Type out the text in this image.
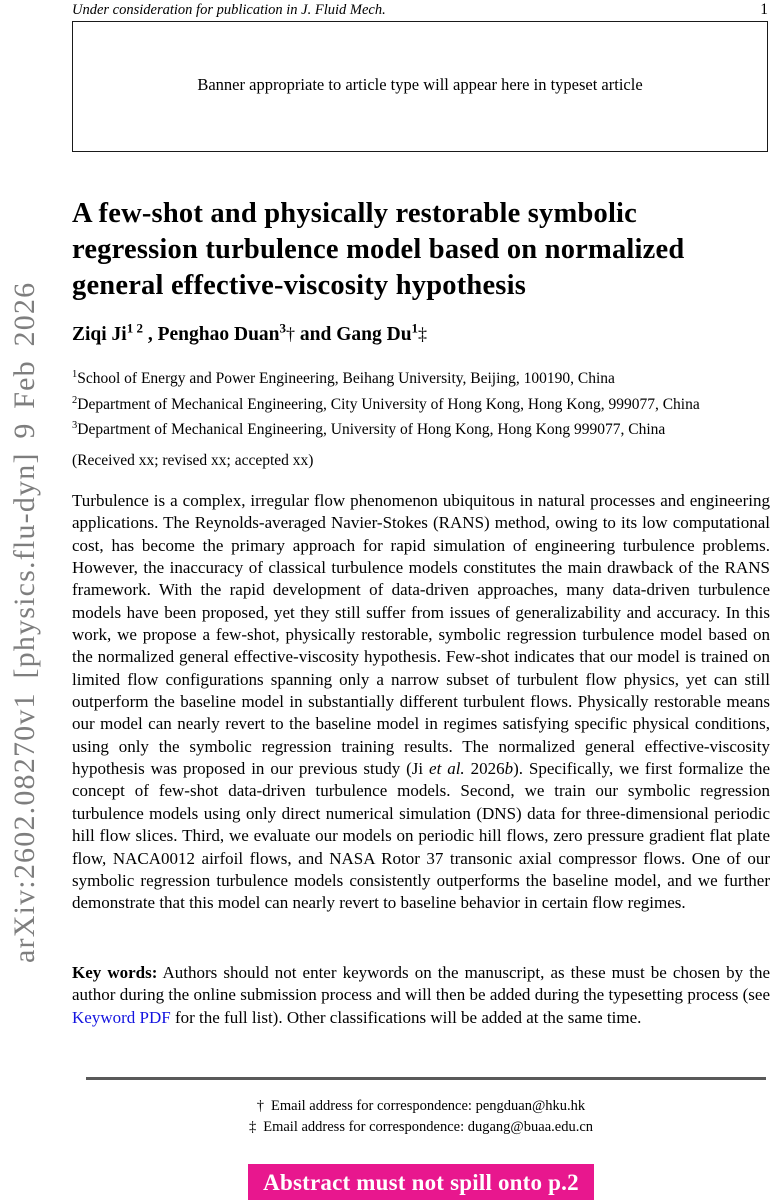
Under consideration for publication in J. Fluid Mech.	1
Banner appropriate to article type will appear here in typeset article
arXiv:2602.08270v1 [physics.flu-dyn] 9 Feb 2026
A few-shot and physically restorable symbolic
regression turbulence model based on normalized
general effective-viscosity hypothesis
Ziqi $Ji^{1 2}$ , Penghao Duan$^3$† and Gang Du$^1$‡
$^1$School of Energy and Power Engineering, Beihang University, Beijing, 100190, China
$^2$Department of Mechanical Engineering, City University of Hong Kong, Hong Kong, 999077, China
$^3$Department of Mechanical Engineering, University of Hong Kong, Hong Kong 999077, China
(Received xx; revised xx; accepted xx)
Turbulence is a complex, irregular flow phenomenon ubiquitous in natural processes and engineering applications. The Reynolds-averaged Navier-Stokes (RANS) method, owing to its low computational cost, has become the primary approach for rapid simulation of engineering turbulence problems. However, the inaccuracy of classical turbulence models constitutes the main drawback of the RANS framework. With the rapid development of data-driven approaches, many data-driven turbulence models have been proposed, yet they still suffer from issues of generalizability and accuracy. In this work, we propose a few-shot, physically restorable, symbolic regression turbulence model based on the normalized general effective-viscosity hypothesis. Few-shot indicates that our model is trained on limited flow configurations spanning only a narrow subset of turbulent flow physics, yet can still outperform the baseline model in substantially different turbulent flows. Physically restorable means our model can nearly revert to the baseline model in regimes satisfying specific physical conditions, using only the symbolic regression training results. The normalized general effective-viscosity hypothesis was proposed in our previous study (Ji et al. 2026b). Specifically, we first formalize the concept of few-shot data-driven turbulence models. Second, we train our symbolic regression turbulence models using only direct numerical simulation (DNS) data for three-dimensional periodic hill flow slices. Third, we evaluate our models on periodic hill flows, zero pressure gradient flat plate flow, NACA0012 airfoil flows, and NASA Rotor 37 transonic axial compressor flows. One of our symbolic regression turbulence models consistently outperforms the baseline model, and we further demonstrate that this model can nearly revert to baseline behavior in certain flow regimes.
Key words: Authors should not enter keywords on the manuscript, as these must be chosen by the author during the online submission process and will then be added during the typesetting process (see Keyword PDF for the full list). Other classifications will be added at the same time.
† Email address for correspondence: pengduan@hku.hk
‡ Email address for correspondence: dugang@buaa.edu.cn
Abstract must not spill onto p.2
